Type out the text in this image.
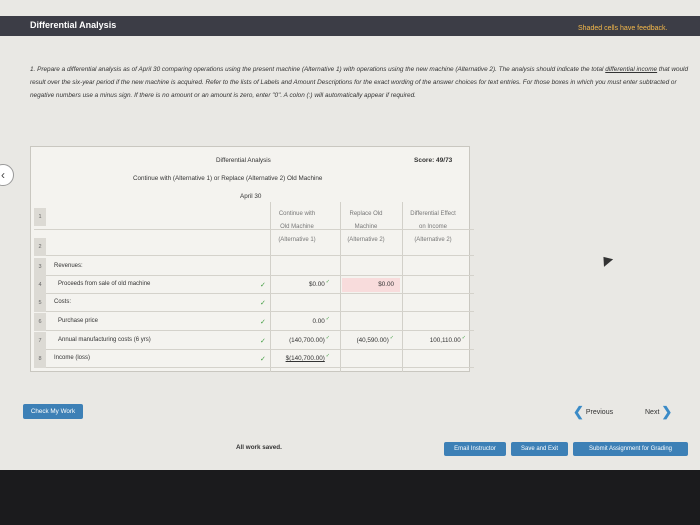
Differential Analysis	Shaded cells have feedback.
1. Prepare a differential analysis as of April 30 comparing operations using the present machine (Alternative 1) with operations using the new machine (Alternative 2). The analysis should indicate the total differential income that would result over the six-year period if the new machine is acquired. Refer to the lists of Labels and Amount Descriptions for the exact wording of the answer choices for text entries. For those boxes in which you must enter subtracted or negative numbers use a minus sign. If there is no amount or an amount is zero, enter "0". A colon (:) will automatically appear if required.
‹
Score: 49/73
Differential Analysis
Continue with (Alternative 1) or Replace (Alternative 2) Old Machine
April 30
Continue with
Old Machine
(Alternative 1)
Replace Old
Machine
(Alternative 2)
Differential Effect
on Income
(Alternative 2)
1
2
3	Revenues:
4	Proceeds from sale of old machine	✓	$0.00✓	$0.00
5	Costs:	✓
6	Purchase price	✓	0.00✓
7	Annual manufacturing costs (6 yrs)	✓	(140,700.00)✓	(40,590.00)✓	100,110.00✓
8	Income (loss)	✓	$(140,700.00)✓
Check My Work	❮ Previous	Next ❯
All work saved.	Email Instructor	Save and Exit	Submit Assignment for Grading
